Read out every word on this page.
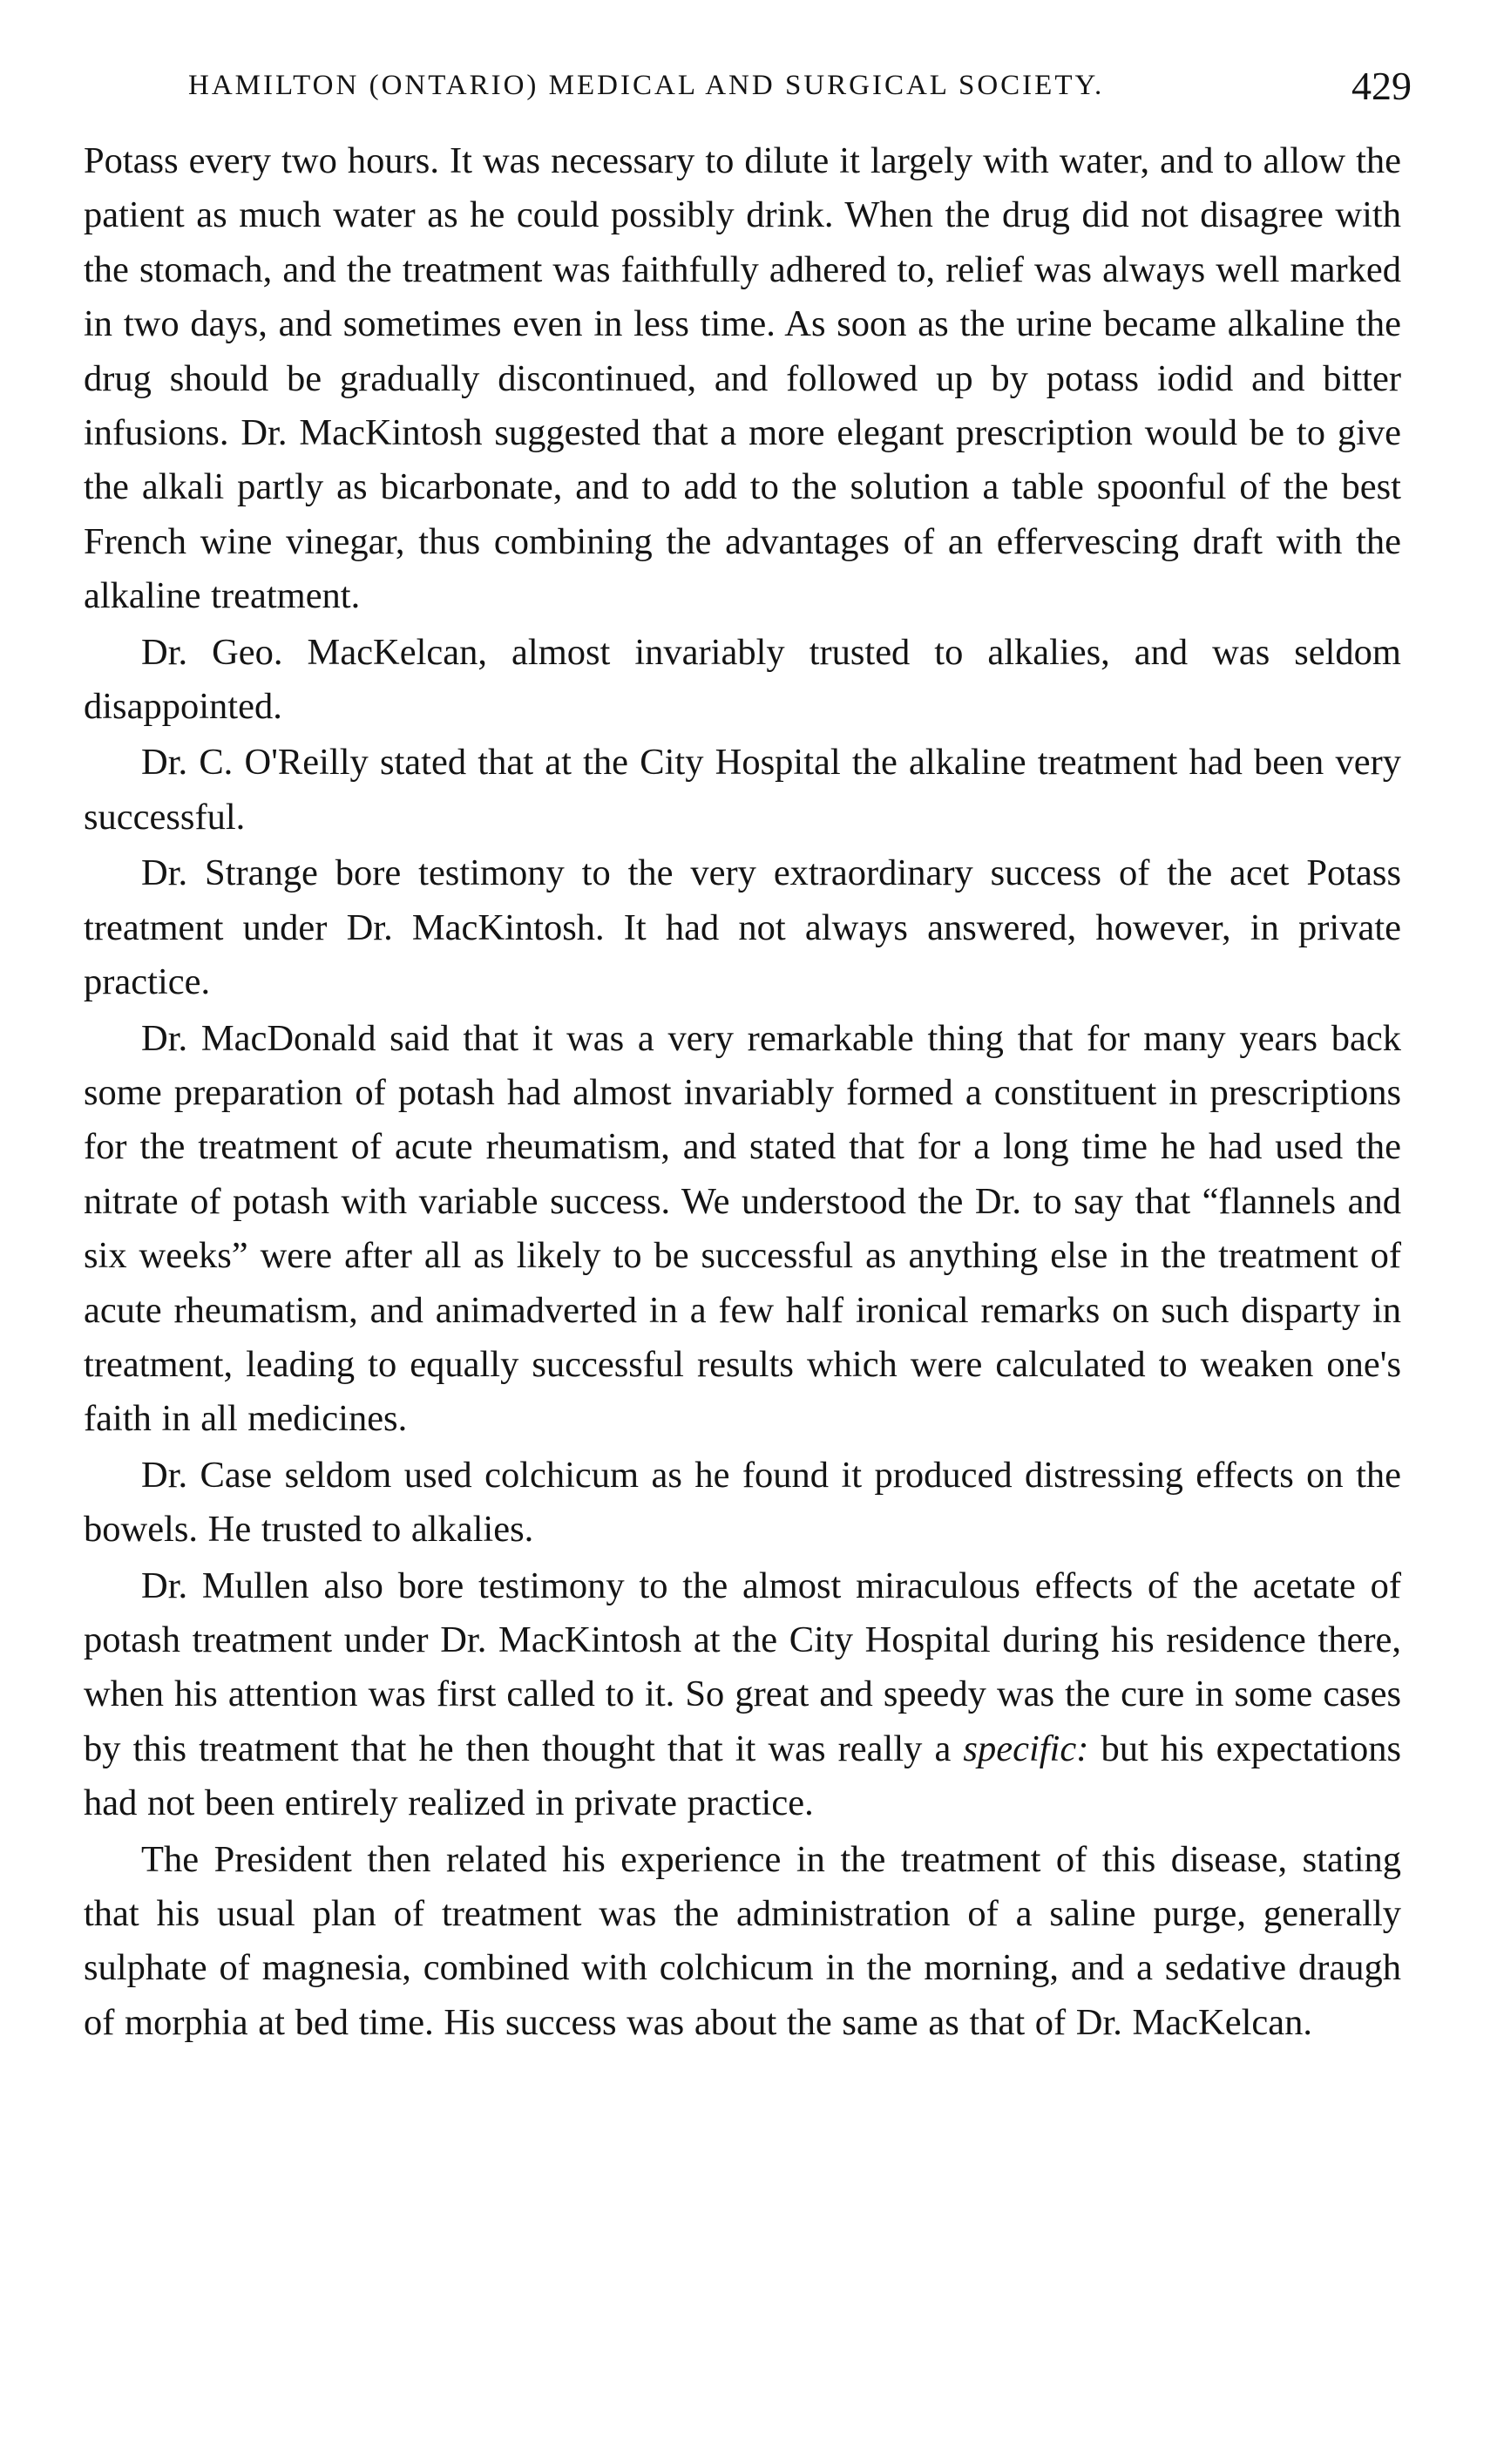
HAMILTON (ONTARIO) MEDICAL AND SURGICAL SOCIETY.	429

Potass every two hours. It was necessary to dilute it largely with water, and to allow the patient as much water as he could possibly drink. When the drug did not disagree with the stomach, and the treatment was faithfully adhered to, relief was always well marked in two days, and sometimes even in less time. As soon as the urine became alkaline the drug should be gradually discontinued, and followed up by potass iodid and bitter infusions. Dr. MacKintosh suggested that a more elegant prescription would be to give the alkali partly as bicarbonate, and to add to the solution a table spoonful of the best French wine vinegar, thus combining the advantages of an effervescing draft with the alkaline treatment.

Dr. Geo. MacKelcan, almost invariably trusted to alkalies, and was seldom disappointed.

Dr. C. O'Reilly stated that at the City Hospital the alkaline treatment had been very successful.

Dr. Strange bore testimony to the very extraordinary success of the acet Potass treatment under Dr. MacKintosh. It had not always answered, however, in private practice.

Dr. MacDonald said that it was a very remarkable thing that for many years back some preparation of potash had almost invariably formed a constituent in prescriptions for the treatment of acute rheumatism, and stated that for a long time he had used the nitrate of potash with variable success. We understood the Dr. to say that “flannels and six weeks” were after all as likely to be successful as anything else in the treatment of acute rheumatism, and animadverted in a few half ironical remarks on such disparty in treatment, leading to equally successful results which were calculated to weaken one's faith in all medicines.

Dr. Case seldom used colchicum as he found it produced distressing effects on the bowels. He trusted to alkalies.

Dr. Mullen also bore testimony to the almost miraculous effects of the acetate of potash treatment under Dr. MacKintosh at the City Hospital during his residence there, when his attention was first called to it. So great and speedy was the cure in some cases by this treatment that he then thought that it was really a specific: but his expectations had not been entirely realized in private practice.

The President then related his experience in the treatment of this disease, stating that his usual plan of treatment was the administration of a saline purge, generally sulphate of magnesia, combined with colchicum in the morning, and a sedative draugh of morphia at bed time. His success was about the same as that of Dr. MacKelcan.
